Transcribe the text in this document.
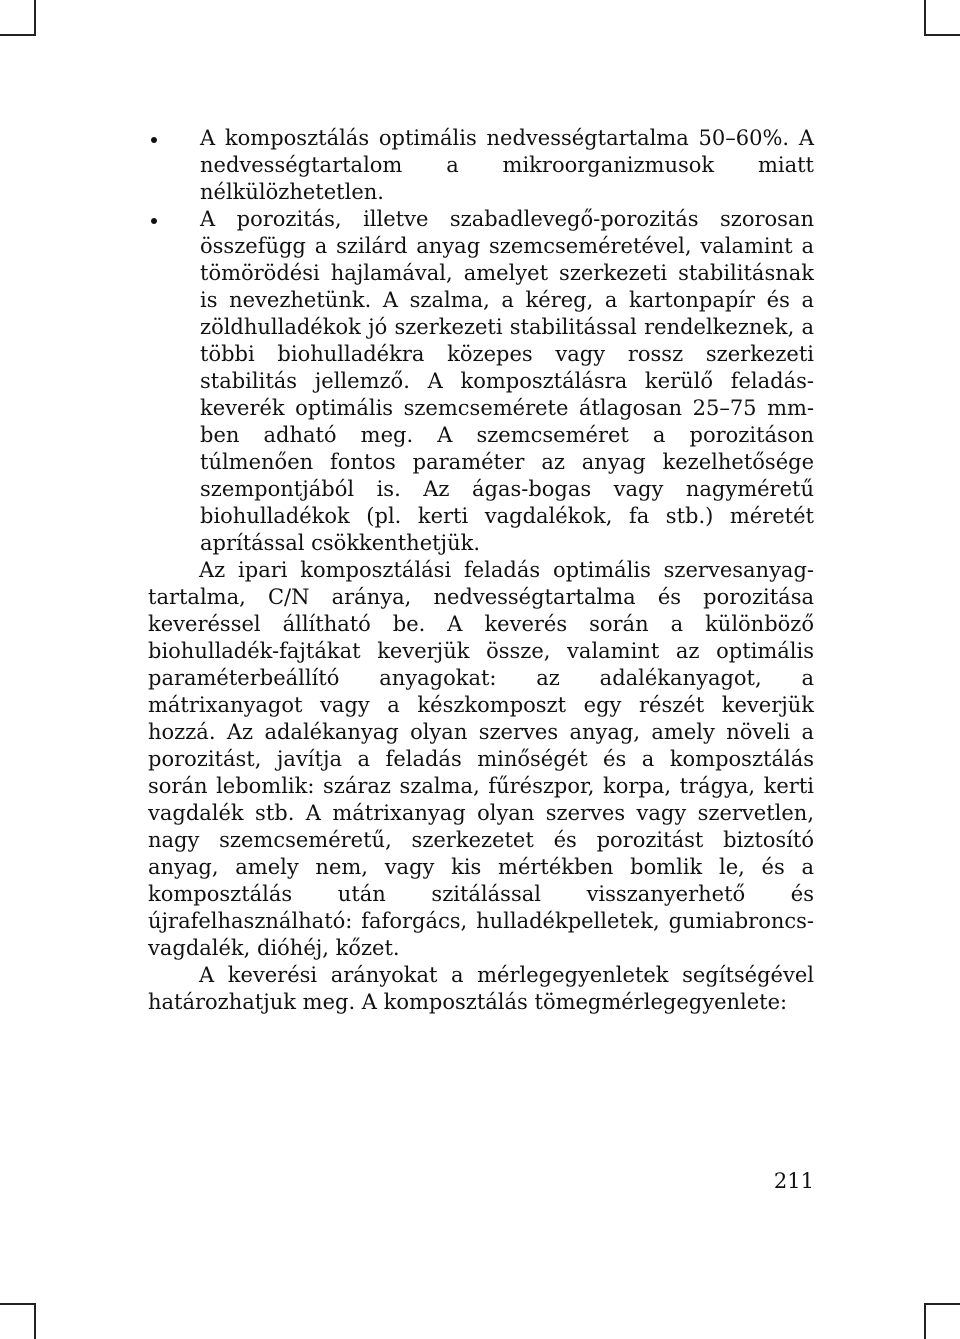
A komposztálás optimális nedvességtartalma 50–60%. A nedvességtartalom a mikroorganizmusok miatt nélkülözhetetlen.
A porozitás, illetve szabadlevegő-porozitás szorosan összefügg a szilárd anyag szemcseméretével, valamint a tömörödési hajlamával, amelyet szerkezeti stabilitásnak is nevezhetünk. A szalma, a kéreg, a kartonpapír és a zöldhulladékok jó szerkezeti stabilitással rendelkeznek, a többi biohulladékra közepes vagy rossz szerkezeti stabilitás jellemző. A komposztálásra kerülő feladás-keverék optimális szemcsemérete átlagosan 25–75 mm-ben adható meg. A szemcseméret a porozitáson túlmenően fontos paraméter az anyag kezelhetősége szempontjából is. Az ágas-bogas vagy nagyméretű biohulladékok (pl. kerti vagdalékok, fa stb.) méretét aprítással csökkenthetjük.

Az ipari komposztálási feladás optimális szervesanyag-tartalma, C/N aránya, nedvességtartalma és porozitása keveréssel állítható be. A keverés során a különböző biohulladék-fajtákat keverjük össze, valamint az optimális paraméterbeállító anyagokat: az adalékanyagot, a mátrixanyagot vagy a készkomposzt egy részét keverjük hozzá. Az adalékanyag olyan szerves anyag, amely növeli a porozitást, javítja a feladás minőségét és a komposztálás során lebomlik: száraz szalma, fűrészpor, korpa, trágya, kerti vagdalék stb. A mátrixanyag olyan szerves vagy szervetlen, nagy szemcseméretű, szerkezetet és porozitást biztosító anyag, amely nem, vagy kis mértékben bomlik le, és a komposztálás után szitálással visszanyerhető és újrafelhasználható: faforgács, hulladékpelletek, gumiabroncs-vagdalék, dióhéj, kőzet.

A keverési arányokat a mérlegegyenletek segítségével határozhatjuk meg. A komposztálás tömegmérlegegyenlete:

211
